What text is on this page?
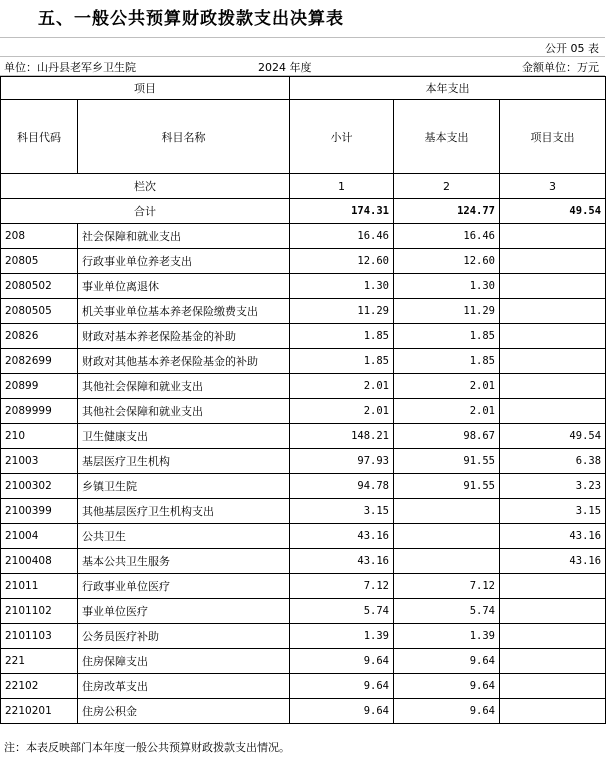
五、一般公共预算财政拨款支出决算表
公开 05 表
单位：山丹县老军乡卫生院	2024 年度	金额单位：万元
项目		本年支出		
科目代码	科目名称	小计	基本支出	项目支出
栏次		1	2	3
合计		174.31	124.77	49.54
208	社会保障和就业支出	16.46	16.46	
20805	行政事业单位养老支出	12.60	12.60	
2080502	事业单位离退休	1.30	1.30	
2080505	机关事业单位基本养老保险缴费支出	11.29	11.29	
20826	财政对基本养老保险基金的补助	1.85	1.85	
2082699	财政对其他基本养老保险基金的补助	1.85	1.85	
20899	其他社会保障和就业支出	2.01	2.01	
2089999	其他社会保障和就业支出	2.01	2.01	
210	卫生健康支出	148.21	98.67	49.54
21003	基层医疗卫生机构	97.93	91.55	6.38
2100302	乡镇卫生院	94.78	91.55	3.23
2100399	其他基层医疗卫生机构支出	3.15		3.15
21004	公共卫生	43.16		43.16
2100408	基本公共卫生服务	43.16		43.16
21011	行政事业单位医疗	7.12	7.12	
2101102	事业单位医疗	5.74	5.74	
2101103	公务员医疗补助	1.39	1.39	
221	住房保障支出	9.64	9.64	
22102	住房改革支出	9.64	9.64	
2210201	住房公积金	9.64	9.64	
注：本表反映部门本年度一般公共预算财政拨款支出情况。
